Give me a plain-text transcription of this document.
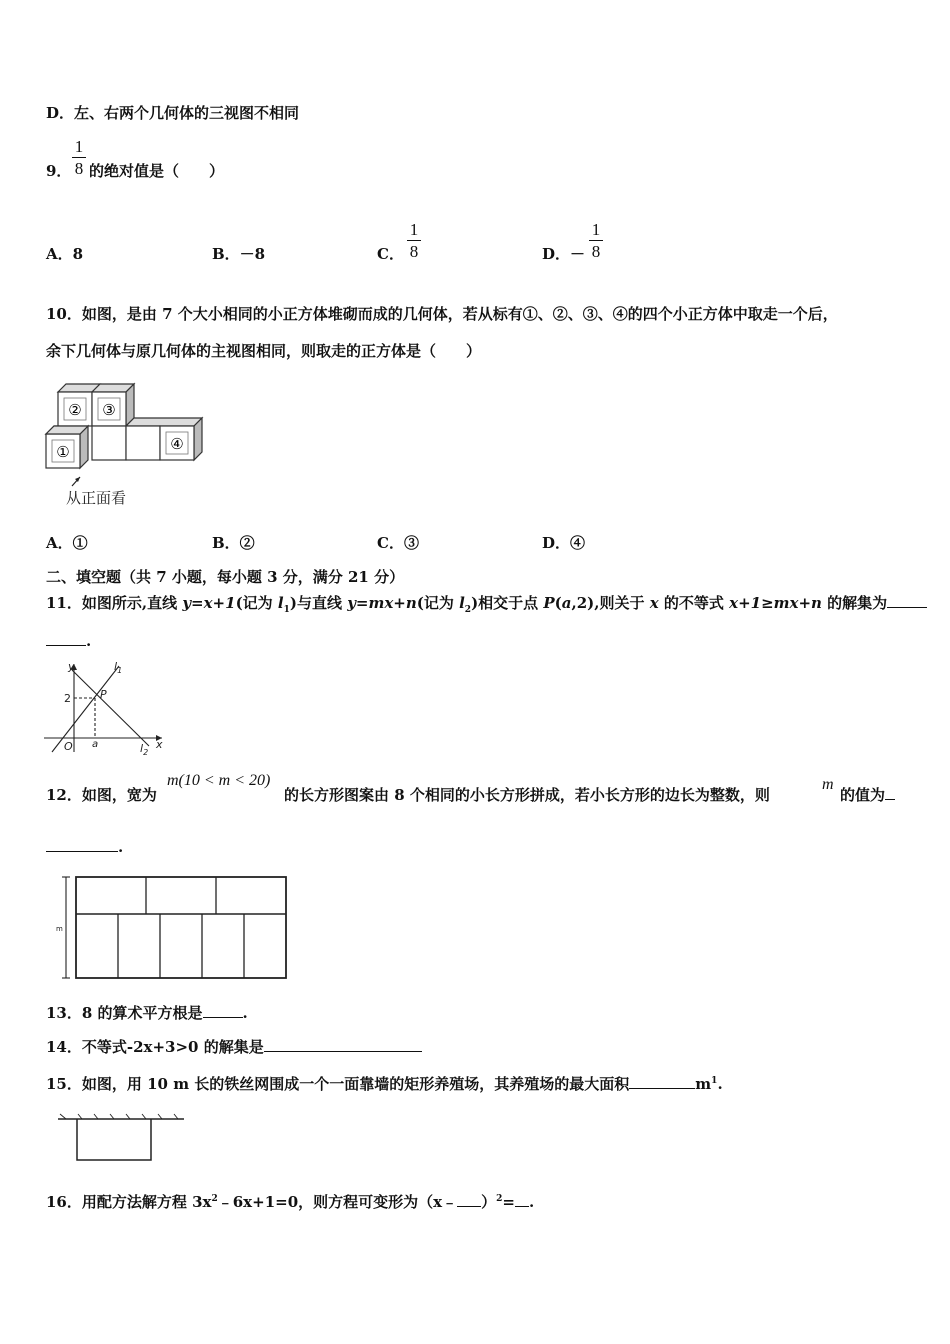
D．左、右两个几何体的三视图不相同
9．
1
8 的绝对值是（　　）
A．8	B．－8	C．
1
8	D．－
1
8
10．如图，是由 7 个大小相同的小正方体堆砌而成的几何体，若从标有①、②、③、④的四个小正方体中取走一个后，
余下几何体与原几何体的主视图相同，则取走的正方体是（　　）
② ③
①	④
从正面看
A．①	B．②	C．③	D．④
二、填空题（共 7 小题，每小题 3 分，满分 21 分）
11．如图所示,直线 y=x+1(记为 $l_1$)与直线 y=mx+n(记为 $l_2$)相交于点 P(a,2),则关于 x 的不等式 x+1≥mx+n 的解集为
.
y
x
2
O a
P
$l_1$
$l_2$
12．如图，宽为
m(10 < m < 20)
的长方形图案由 8 个相同的小长方形拼成，若小长方形的边长为整数，则
m
的值为
.
m
13．8 的算术平方根是	.
14．不等式-2x+3>0 的解集是
15．如图，用 10 m 长的铁丝网围成一个一面靠墙的矩形养殖场，其养殖场的最大面积	$m^1$.
16．用配方法解方程 $3x^2﹣6x+1=0$，则方程可变形为（x﹣ ）$^2$= .
